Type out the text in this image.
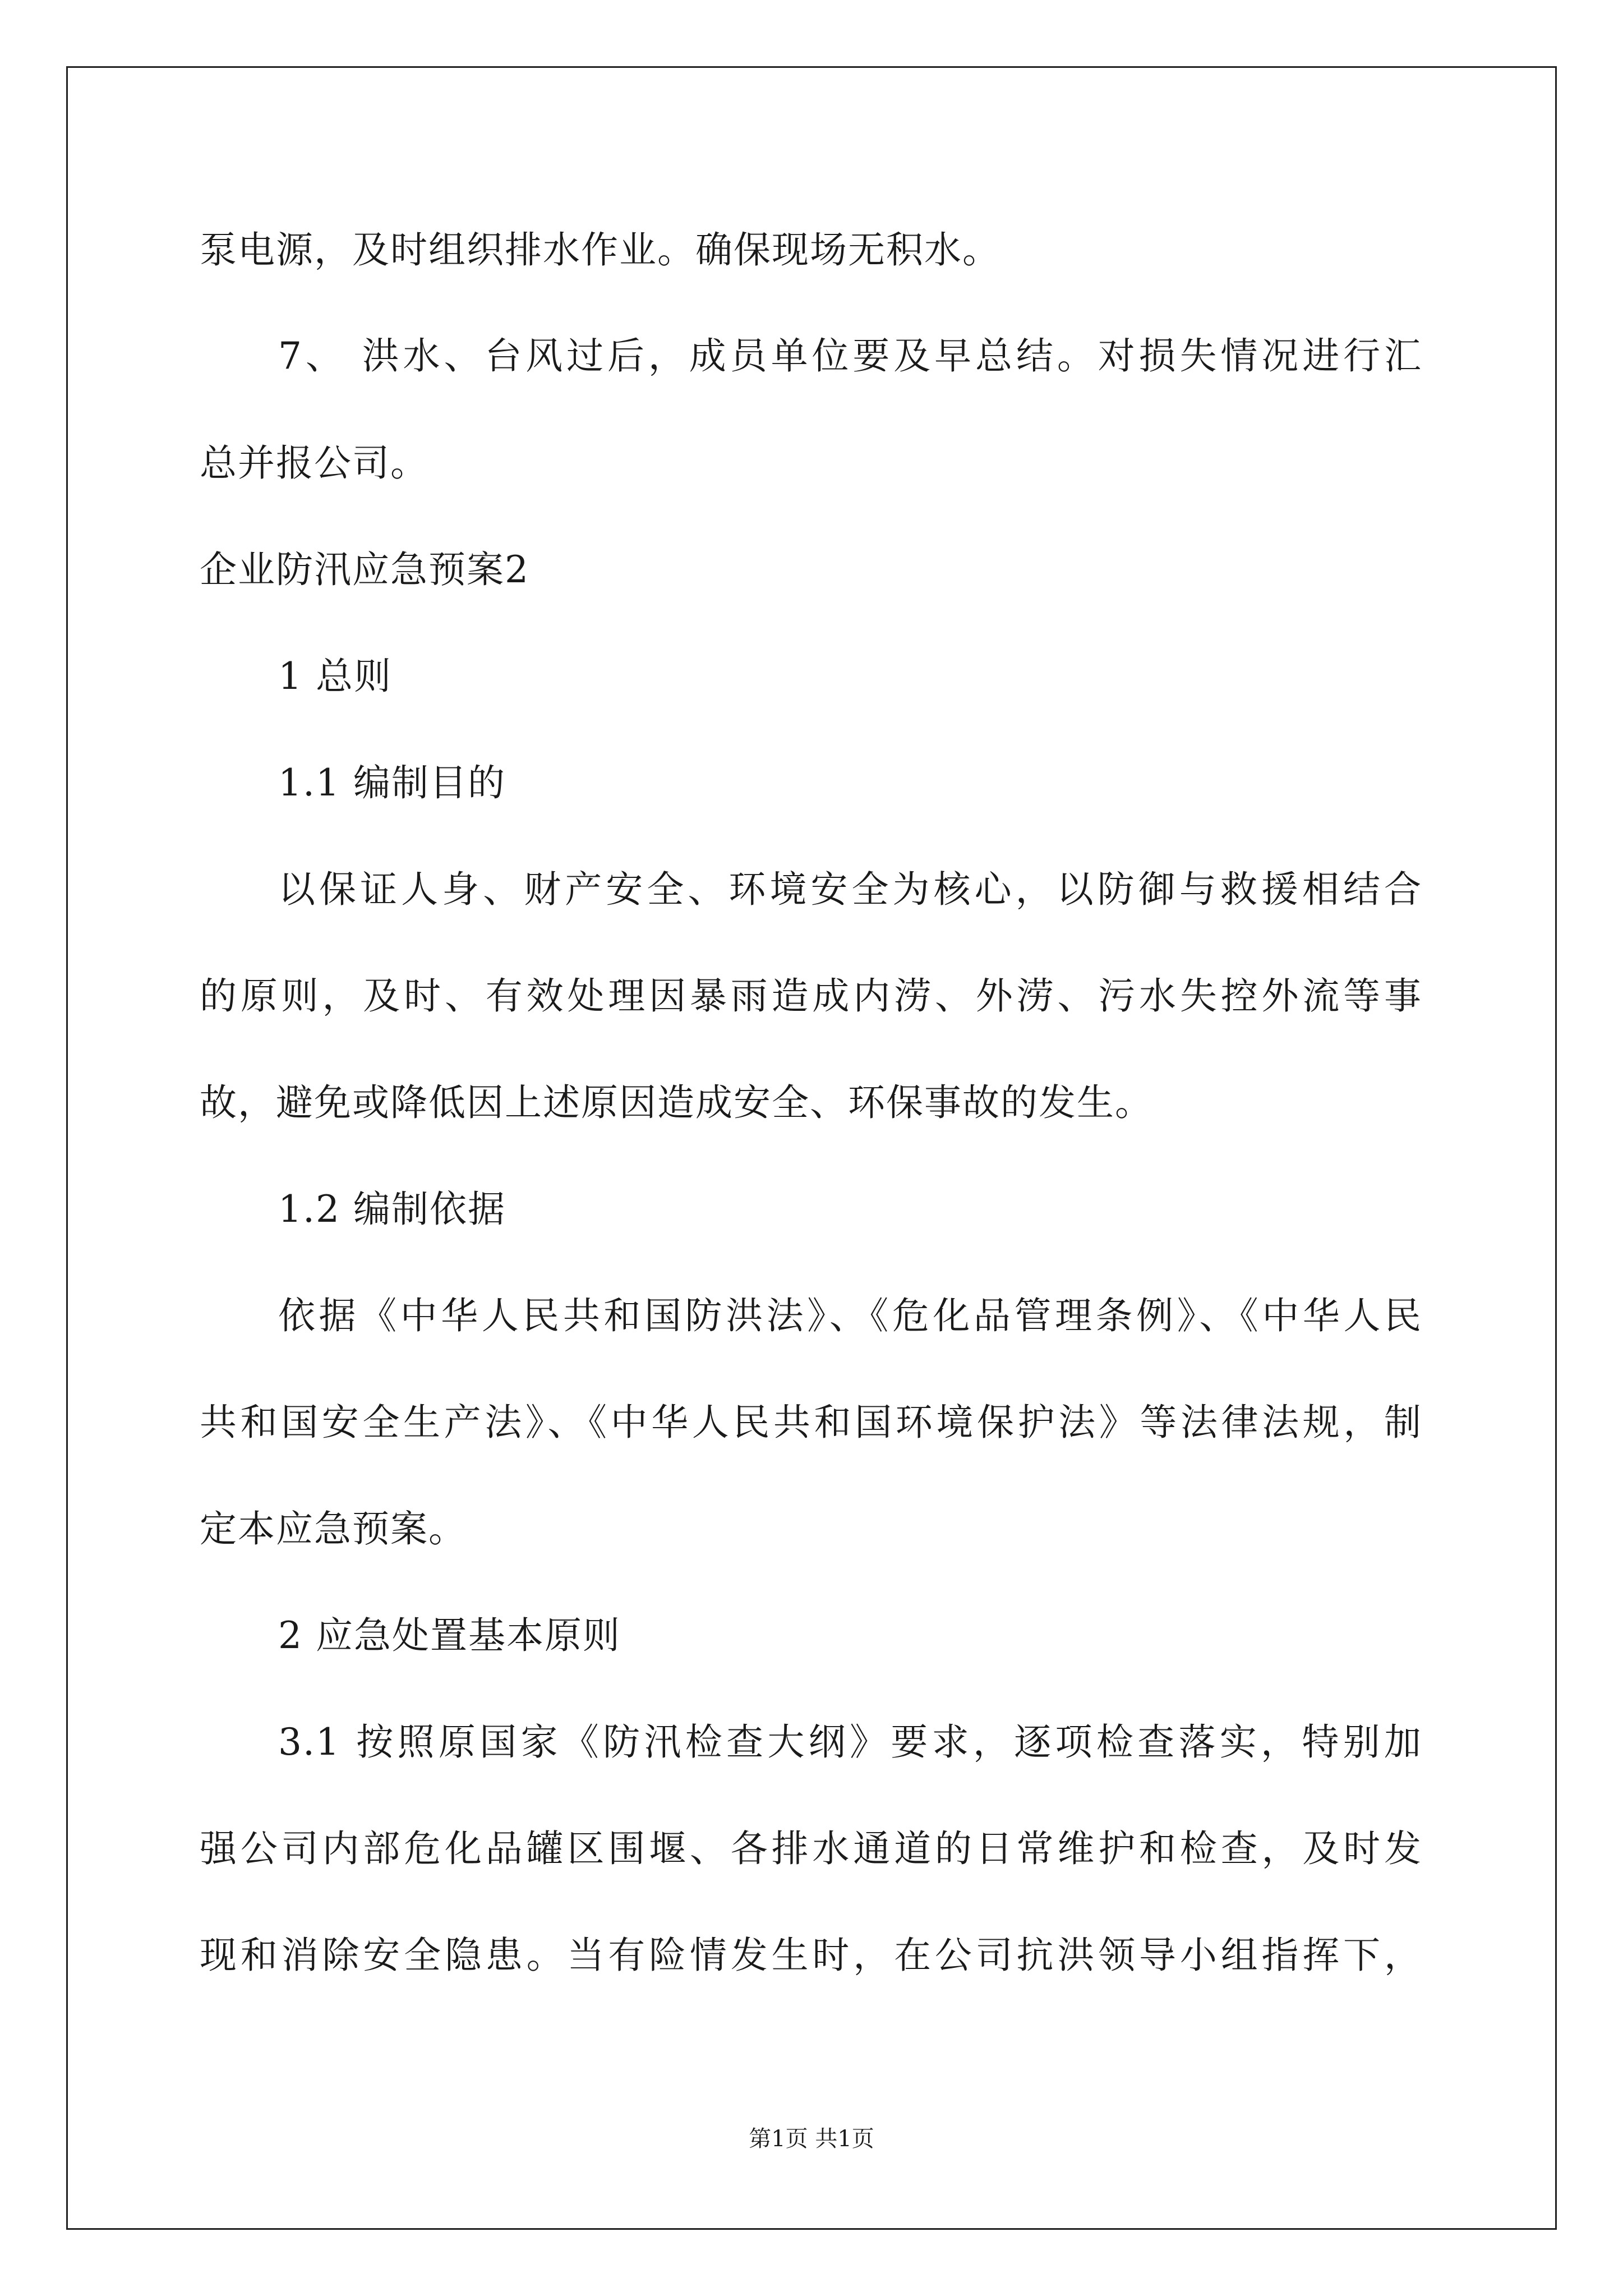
泵电源，及时组织排水作业。确保现场无积水。
7、 洪水、台风过后，成员单位要及早总结。对损失情况进行汇
总并报公司。
企业防汛应急预案2
1 总则
1.1 编制目的
以保证人身、财产安全、环境安全为核心，以防御与救援相结合
的原则，及时、有效处理因暴雨造成内涝、外涝、污水失控外流等事
故，避免或降低因上述原因造成安全、环保事故的发生。
1.2 编制依据
依据《中华人民共和国防洪法》、《危化品管理条例》、《中华人民
共和国安全生产法》、《中华人民共和国环境保护法》等法律法规，制
定本应急预案。
2 应急处置基本原则
3.1 按照原国家《防汛检查大纲》要求，逐项检查落实，特别加
强公司内部危化品罐区围堰、各排水通道的日常维护和检查，及时发
现和消除安全隐患。当有险情发生时，在公司抗洪领导小组指挥下，
第1页 共1页
